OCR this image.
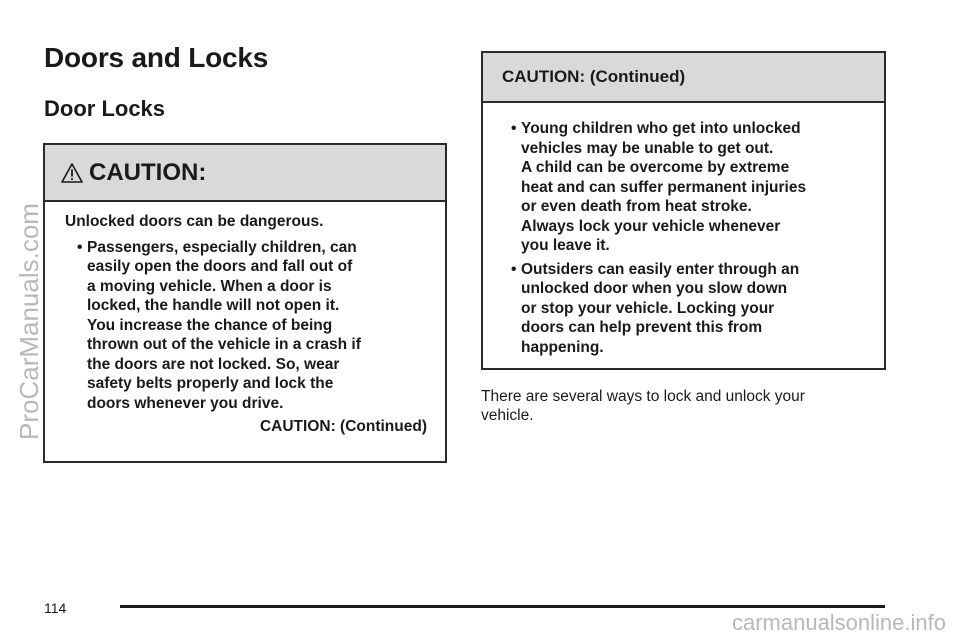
Doors and Locks
Door Locks
CAUTION:

Unlocked doors can be dangerous.

• Passengers, especially children, can
easily open the doors and fall out of
a moving vehicle. When a door is
locked, the handle will not open it.
You increase the chance of being
thrown out of the vehicle in a crash if
the doors are not locked. So, wear
safety belts properly and lock the
doors whenever you drive.
CAUTION: (Continued)
CAUTION: (Continued)
• Young children who get into unlocked
vehicles may be unable to get out.
A child can be overcome by extreme
heat and can suffer permanent injuries
or even death from heat stroke.
Always lock your vehicle whenever
you leave it.
• Outsiders can easily enter through an
unlocked door when you slow down
or stop your vehicle. Locking your
doors can help prevent this from
happening.

There are several ways to lock and unlock your
vehicle.

114
ProCarManuals.com
carmanualsonline.info
